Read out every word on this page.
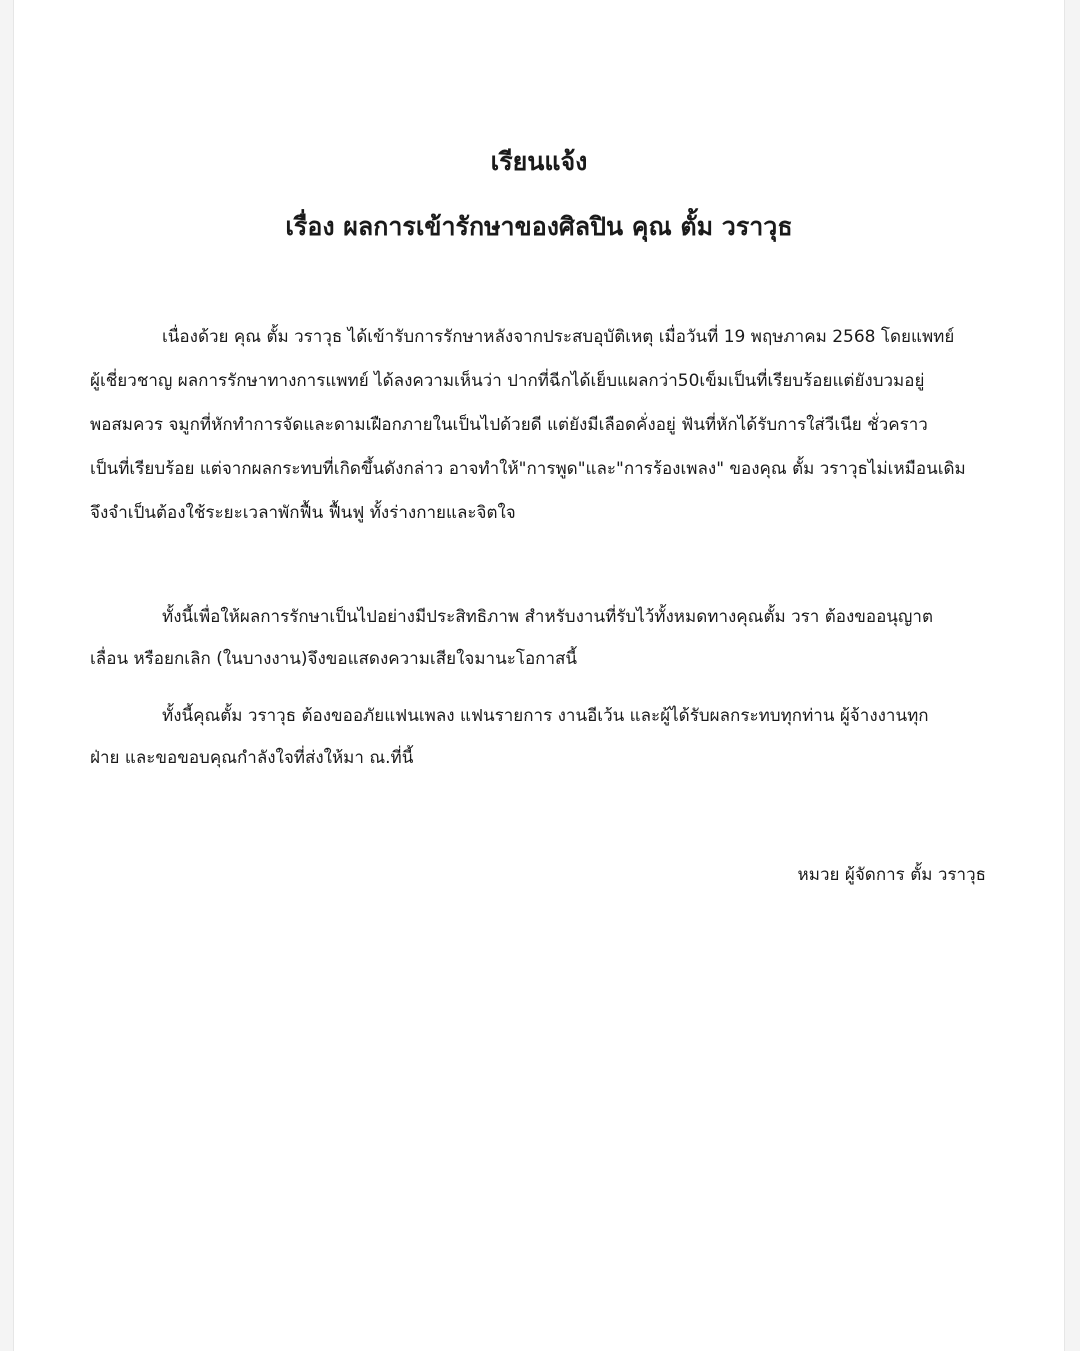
เรียนแจ้ง

เรื่อง ผลการเข้ารักษาของศิลปิน คุณ ตั้ม วราวุธ

เนื่องด้วย คุณ ตั้ม วราวุธ ได้เข้ารับการรักษาหลังจากประสบอุบัติเหตุ เมื่อวันที่ 19 พฤษภาคม 2568 โดยแพทย์
ผู้เชี่ยวชาญ ผลการรักษาทางการแพทย์ ได้ลงความเห็นว่า ปากที่ฉีกได้เย็บแผลกว่า50เข็มเป็นที่เรียบร้อยแต่ยังบวมอยู่
พอสมควร จมูกที่หักทำการจัดและดามเฝือกภายในเป็นไปด้วยดี แต่ยังมีเลือดคั่งอยู่ ฟันที่หักได้รับการใส่วีเนีย ชั่วคราว
เป็นที่เรียบร้อย แต่จากผลกระทบที่เกิดขึ้นดังกล่าว อาจทำให้"การพูด"และ"การร้องเพลง" ของคุณ ตั้ม วราวุธไม่เหมือนเดิม
จึงจำเป็นต้องใช้ระยะเวลาพักฟื้น ฟื้นฟู ทั้งร่างกายและจิตใจ
ทั้งนี้เพื่อให้ผลการรักษาเป็นไปอย่างมีประสิทธิภาพ สำหรับงานที่รับไว้ทั้งหมดทางคุณตั้ม วรา ต้องขออนุญาต
เลื่อน หรือยกเลิก (ในบางงาน)จึงขอแสดงความเสียใจมานะโอกาสนี้
ทั้งนี้คุณตั้ม วราวุธ ต้องขออภัยแฟนเพลง แฟนรายการ งานอีเว้น และผู้ได้รับผลกระทบทุกท่าน ผู้จ้างงานทุก
ฝ่าย และขอขอบคุณกำลังใจที่ส่งให้มา ณ.ที่นี้

หมวย ผู้จัดการ ตั้ม วราวุธ
